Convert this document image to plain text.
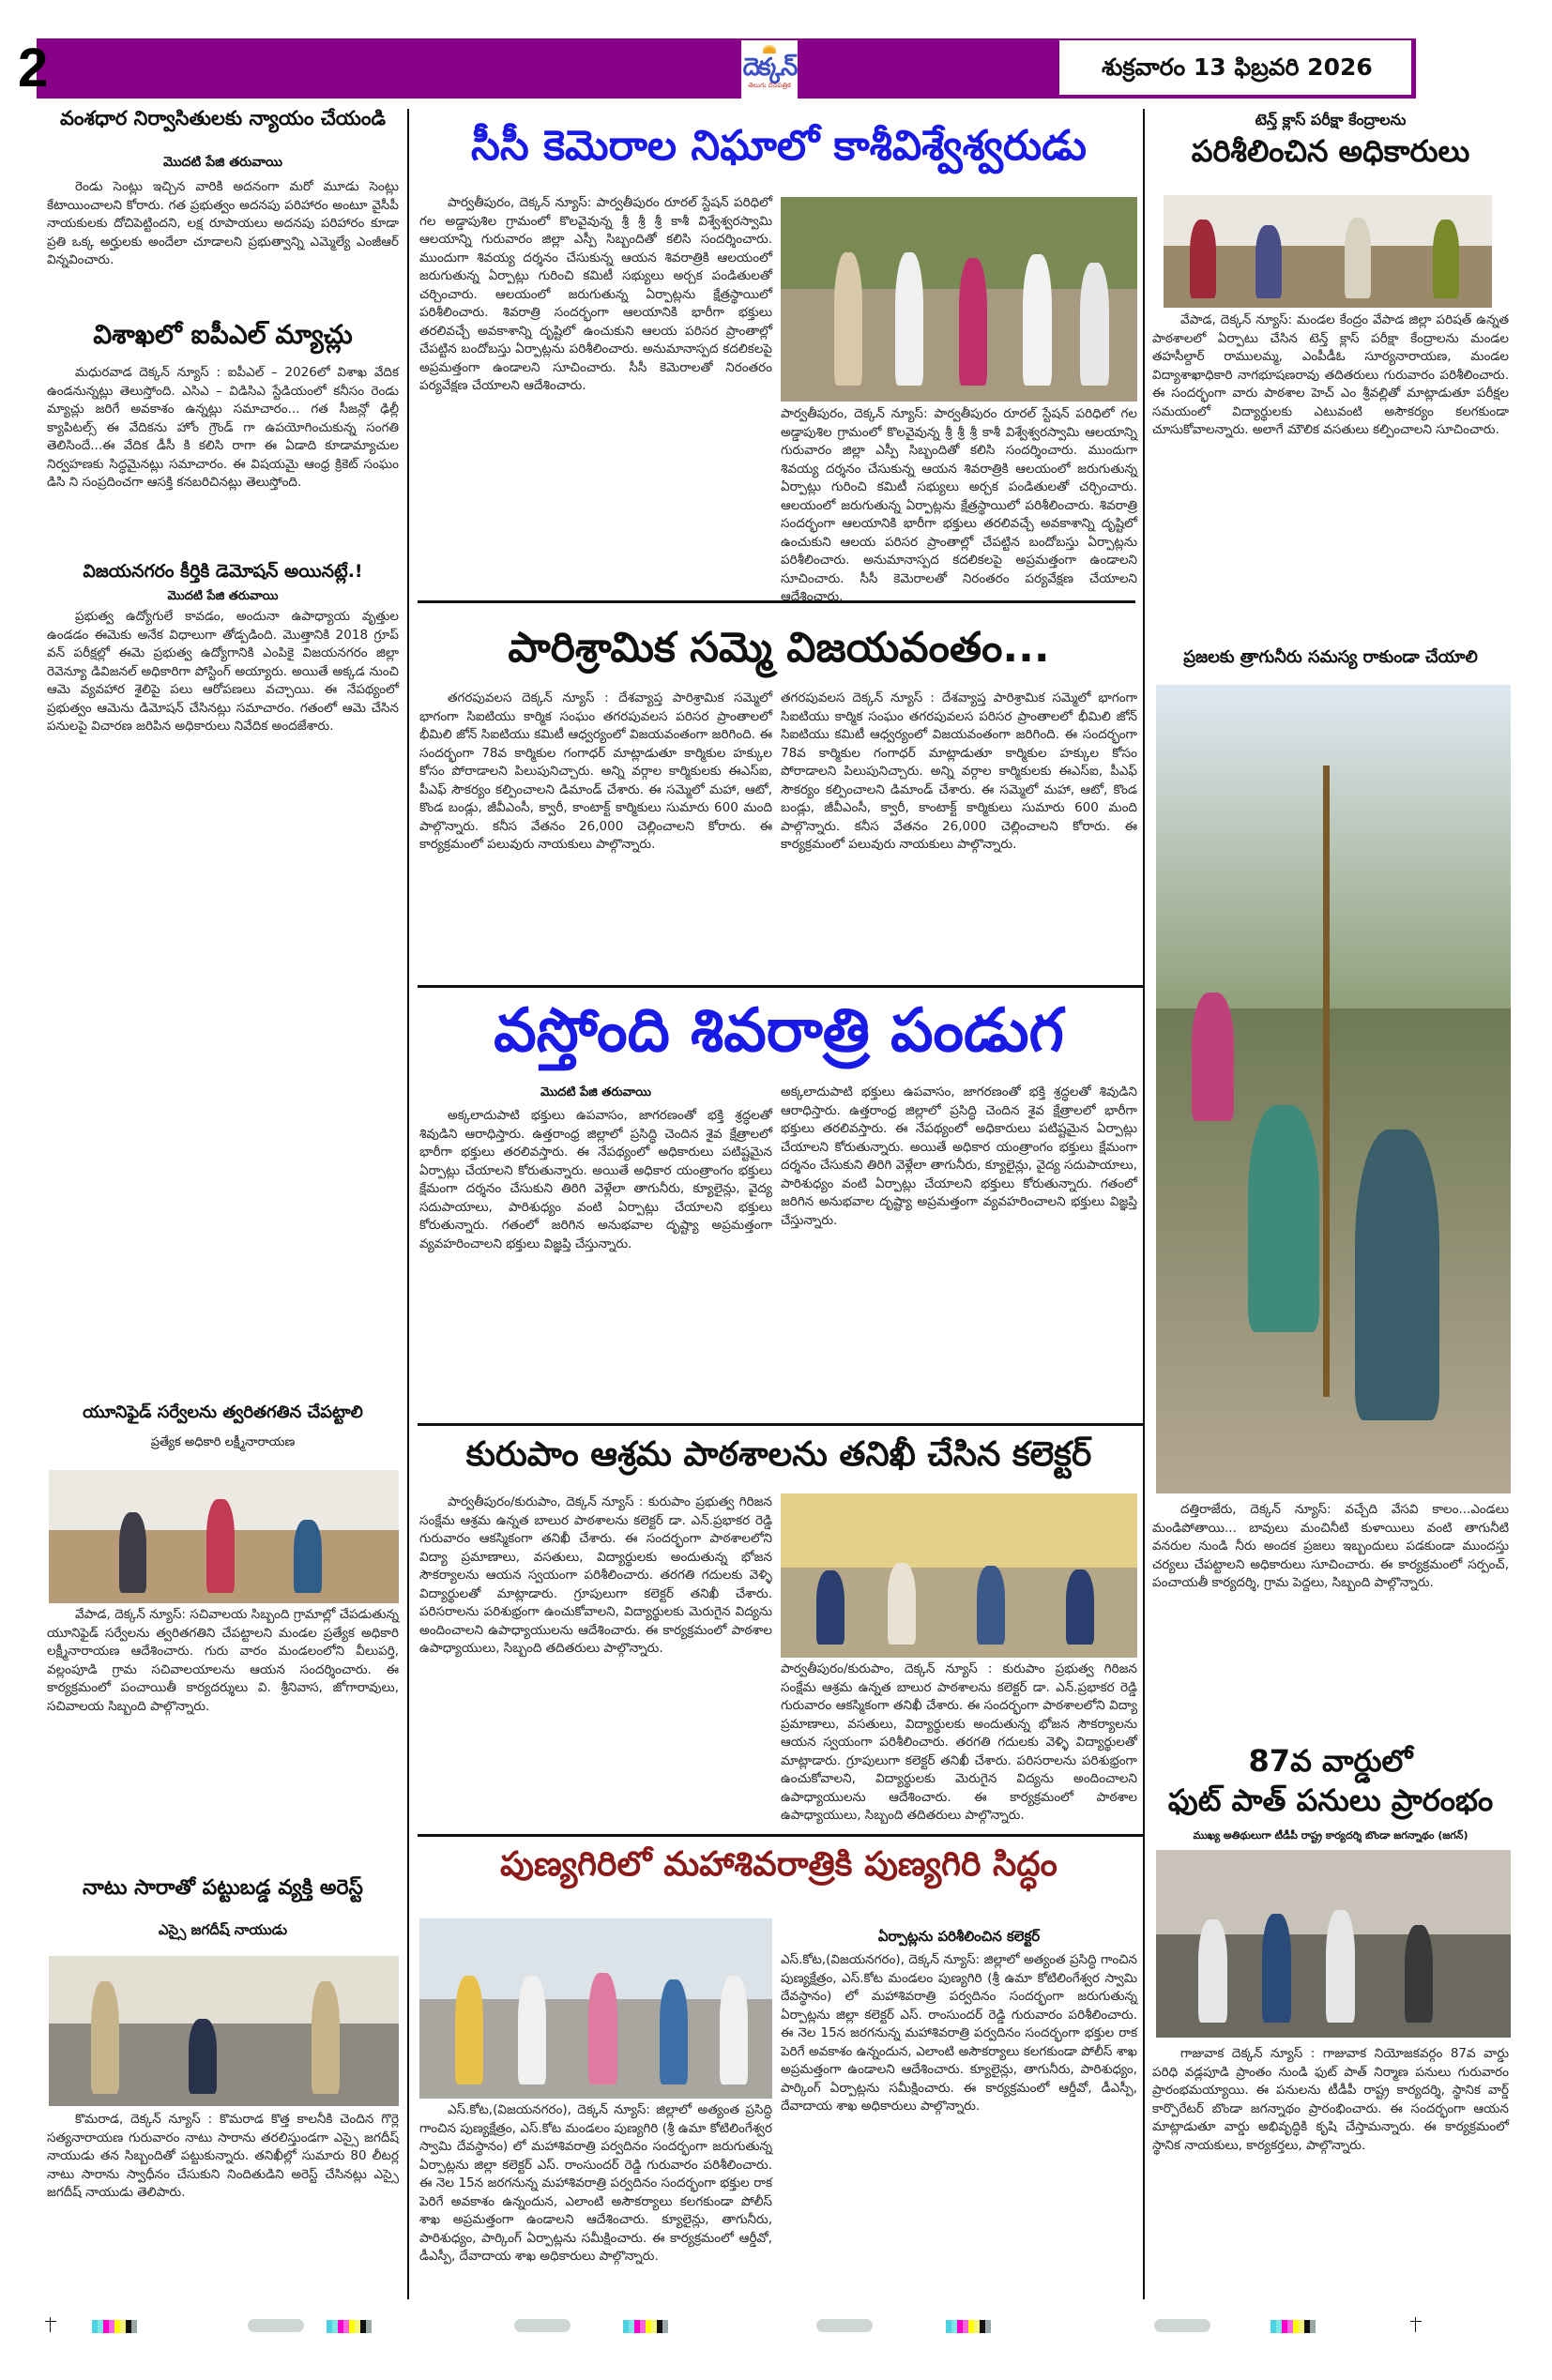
2	దెక్కన్
తెలుగు దినపత్రిక
శుక్రవారం 13 ఫిబ్రవరి 2026
వంశధార నిర్వాసితులకు న్యాయం చేయండి
మొదటి పేజి తరువాయి
రెండు సెంట్లు ఇచ్చిన వారికి అదనంగా మరో మూడు సెంట్లు కేటాయించాలని కోరారు. గత ప్రభుత్వం అదనపు పరిహారం అంటూ వైసీపీ నాయకులకు దోచిపెట్టిందని, లక్ష రూపాయలు అదనపు పరిహారం కూడా ప్రతి ఒక్క అర్హులకు అందేలా చూడాలని ప్రభుత్వాన్ని ఎమ్మెల్యే ఎంజీఆర్ విన్నవించారు.
విశాఖలో ఐపీఎల్ మ్యాచ్లు
మధురవాడ దెక్కన్ న్యూస్ : ఐపీఎల్ – 2026లో విశాఖ వేదిక ఉండనున్నట్లు తెలుస్తోంది. ఎసిఎ – విడిసిఎ స్టేడియంలో కనీసం రెండు మ్యాచ్లు జరిగే అవకాశం ఉన్నట్లు సమాచారం... గత సీజన్లో ఢిల్లీ క్యాపిటల్స్ ఈ వేదికను హోం గ్రౌండ్ గా ఉపయోగించుకున్న సంగతి తెలిసిందే...ఈ వేదిక డీసీ కి కలిసి రాగా ఈ ఏడాది కూడామ్యాచుల నిర్వహణకు సిద్ధమైనట్లు సమాచారం. ఈ విషయమై ఆంధ్ర క్రికెట్ సంఘం డిసి ని సంప్రదించగా ఆసక్తి కనబరిచినట్లు తెలుస్తోంది.
విజయనగరం కీర్తికి డెమోషన్ అయినట్లే.!
మొదటి పేజి తరువాయి
ప్రభుత్వ ఉద్యోగులే కావడం, అందునా ఉపాధ్యాయ వృత్తుల ఉండడం ఈమెకు అనేక విధాలుగా తోడ్పడింది. మొత్తానికి 2018 గ్రూప్ వన్ పరీక్షల్లో ఈమె ప్రభుత్వ ఉద్యోగానికి ఎంపికై విజయనగరం జిల్లా రెవెన్యూ డివిజనల్ అధికారిగా పోస్టింగ్ అయ్యారు. అయితే అక్కడ నుంచి ఆమె వ్యవహార శైలిపై పలు ఆరోపణలు వచ్చాయి. ఈ నేపథ్యంలో ప్రభుత్వం ఆమెను డిమోషన్ చేసినట్లు సమాచారం. గతంలో ఆమె చేసిన పనులపై విచారణ జరిపిన అధికారులు నివేదిక అందజేశారు.
యూనిఫైడ్ సర్వేలను త్వరితగతిన చేపట్టాలి
ప్రత్యేక అధికారి లక్ష్మీనారాయణ
వేపాడ, దెక్కన్ న్యూస్: సచివాలయ సిబ్బంది గ్రామాల్లో చేపడుతున్న యూనిఫైడ్ సర్వేలను త్వరితగతిని చేపట్టాలని మండల ప్రత్యేక అధికారి లక్ష్మీనారాయణ ఆదేశించారు. గురు వారం మండలంలోని వీలుపర్తి, వల్లంపూడి గ్రామ సచివాలయాలను ఆయన సందర్శించారు. ఈ కార్యక్రమంలో పంచాయితీ కార్యదర్శులు వి. శ్రీనివాస, జోగారావులు, సచివాలయ సిబ్బంది పాల్గొన్నారు.
నాటు సారాతో పట్టుబడ్డ వ్యక్తి అరెస్ట్
ఎస్సై జగదీష్ నాయుడు
కొమరాడ, దెక్కన్ న్యూస్ : కొమరాడ కొత్త కాలనీకి చెందిన గొర్లె సత్యనారాయణ గురువారం నాటు సారాను తరలిస్తుండగా ఎస్సై జగదీష్ నాయుడు తన సిబ్బందితో పట్టుకున్నారు. తనిఖీల్లో సుమారు 80 లీటర్ల నాటు సారాను స్వాధీనం చేసుకుని నిందితుడిని అరెస్ట్ చేసినట్లు ఎస్సై జగదీష్ నాయుడు తెలిపారు.
సీసీ కెమెరాల నిఘాలో కాశీవిశ్వేశ్వరుడు
పార్వతీపురం, దెక్కన్ న్యూస్: పార్వతీపురం రూరల్ స్టేషన్ పరిధిలో గల అడ్డాపుశిల గ్రామంలో కొలవైవున్న శ్రీ శ్రీ శ్రీ కాశీ విశ్వేశ్వరస్వామి ఆలయాన్ని గురువారం జిల్లా ఎస్పీ సిబ్బందితో కలిసి సందర్శించారు. ముందుగా శివయ్య దర్శనం చేసుకున్న ఆయన శివరాత్రికి ఆలయంలో జరుగుతున్న ఏర్పాట్లు గురించి కమిటీ సభ్యులు అర్చక పండితులతో చర్చించారు. ఆలయంలో జరుగుతున్న ఏర్పాట్లను క్షేత్రస్థాయిలో పరిశీలించారు. శివరాత్రి సందర్భంగా ఆలయానికి భారీగా భక్తులు తరలివచ్చే అవకాశాన్ని దృష్టిలో ఉంచుకుని ఆలయ పరిసర ప్రాంతాల్లో చేపట్టిన బందోబస్తు ఏర్పాట్లను పరిశీలించారు. అనుమానాస్పద కదలికలపై అప్రమత్తంగా ఉండాలని సూచించారు. సీసీ కెమెరాలతో నిరంతరం పర్యవేక్షణ చేయాలని ఆదేశించారు.
పార్వతీపురం, దెక్కన్ న్యూస్: పార్వతీపురం రూరల్ స్టేషన్ పరిధిలో గల అడ్డాపుశిల గ్రామంలో కొలవైవున్న శ్రీ శ్రీ శ్రీ కాశీ విశ్వేశ్వరస్వామి ఆలయాన్ని గురువారం జిల్లా ఎస్పీ సిబ్బందితో కలిసి సందర్శించారు. ముందుగా శివయ్య దర్శనం చేసుకున్న ఆయన శివరాత్రికి ఆలయంలో జరుగుతున్న ఏర్పాట్లు గురించి కమిటీ సభ్యులు అర్చక పండితులతో చర్చించారు. ఆలయంలో జరుగుతున్న ఏర్పాట్లను క్షేత్రస్థాయిలో పరిశీలించారు. శివరాత్రి సందర్భంగా ఆలయానికి భారీగా భక్తులు తరలివచ్చే అవకాశాన్ని దృష్టిలో ఉంచుకుని ఆలయ పరిసర ప్రాంతాల్లో చేపట్టిన బందోబస్తు ఏర్పాట్లను పరిశీలించారు. అనుమానాస్పద కదలికలపై అప్రమత్తంగా ఉండాలని సూచించారు. సీసీ కెమెరాలతో నిరంతరం పర్యవేక్షణ చేయాలని ఆదేశించారు.
పారిశ్రామిక సమ్మె విజయవంతం...
తగరపువలస దెక్కన్ న్యూస్ : దేశవ్యాప్త పారిశ్రామిక సమ్మెలో భాగంగా సిఐటియు కార్మిక సంఘం తగరపువలస పరిసర ప్రాంతాలలో భీమిలి జోన్ సిఐటియు కమిటీ ఆధ్వర్యంలో విజయవంతంగా జరిగింది. ఈ సందర్భంగా 78వ కార్మికుల గంగాధర్ మాట్లాడుతూ కార్మికుల హక్కుల కోసం పోరాడాలని పిలుపునిచ్చారు. అన్ని వర్గాల కార్మికులకు ఈఎస్ఐ, పీఎఫ్ సౌకర్యం కల్పించాలని డిమాండ్ చేశారు. ఈ సమ్మెలో మహా, ఆటో, కొండ బండ్లు, జీవీఎంసీ, క్వారీ, కాంటాక్ట్ కార్మికులు సుమారు 600 మంది పాల్గొన్నారు. కనీస వేతనం 26,000 చెల్లించాలని కోరారు. ఈ కార్యక్రమంలో పలువురు నాయకులు పాల్గొన్నారు.
తగరపువలస దెక్కన్ న్యూస్ : దేశవ్యాప్త పారిశ్రామిక సమ్మెలో భాగంగా సిఐటియు కార్మిక సంఘం తగరపువలస పరిసర ప్రాంతాలలో భీమిలి జోన్ సిఐటియు కమిటీ ఆధ్వర్యంలో విజయవంతంగా జరిగింది. ఈ సందర్భంగా 78వ కార్మికుల గంగాధర్ మాట్లాడుతూ కార్మికుల హక్కుల కోసం పోరాడాలని పిలుపునిచ్చారు. అన్ని వర్గాల కార్మికులకు ఈఎస్ఐ, పీఎఫ్ సౌకర్యం కల్పించాలని డిమాండ్ చేశారు. ఈ సమ్మెలో మహా, ఆటో, కొండ బండ్లు, జీవీఎంసీ, క్వారీ, కాంటాక్ట్ కార్మికులు సుమారు 600 మంది పాల్గొన్నారు. కనీస వేతనం 26,000 చెల్లించాలని కోరారు. ఈ కార్యక్రమంలో పలువురు నాయకులు పాల్గొన్నారు.
వస్తోంది శివరాత్రి పండుగ
మొదటి పేజి తరువాయి
అక్కలాదుపాటి భక్తులు ఉపవాసం, జాగరణంతో భక్తి శ్రద్ధలతో శివుడిని ఆరాధిస్తారు. ఉత్తరాంధ్ర జిల్లాలో ప్రసిద్ధి చెందిన శైవ క్షేత్రాలలో భారీగా భక్తులు తరలివస్తారు. ఈ నేపథ్యంలో అధికారులు పటిష్టమైన ఏర్పాట్లు చేయాలని కోరుతున్నారు. అయితే అధికార యంత్రాంగం భక్తులు క్షేమంగా దర్శనం చేసుకుని తిరిగి వెళ్లేలా తాగునీరు, క్యూలైన్లు, వైద్య సదుపాయాలు, పారిశుధ్యం వంటి ఏర్పాట్లు చేయాలని భక్తులు కోరుతున్నారు. గతంలో జరిగిన అనుభవాల దృష్ట్యా అప్రమత్తంగా వ్యవహరించాలని భక్తులు విజ్ఞప్తి చేస్తున్నారు.
అక్కలాదుపాటి భక్తులు ఉపవాసం, జాగరణంతో భక్తి శ్రద్ధలతో శివుడిని ఆరాధిస్తారు. ఉత్తరాంధ్ర జిల్లాలో ప్రసిద్ధి చెందిన శైవ క్షేత్రాలలో భారీగా భక్తులు తరలివస్తారు. ఈ నేపథ్యంలో అధికారులు పటిష్టమైన ఏర్పాట్లు చేయాలని కోరుతున్నారు. అయితే అధికార యంత్రాంగం భక్తులు క్షేమంగా దర్శనం చేసుకుని తిరిగి వెళ్లేలా తాగునీరు, క్యూలైన్లు, వైద్య సదుపాయాలు, పారిశుధ్యం వంటి ఏర్పాట్లు చేయాలని భక్తులు కోరుతున్నారు. గతంలో జరిగిన అనుభవాల దృష్ట్యా అప్రమత్తంగా వ్యవహరించాలని భక్తులు విజ్ఞప్తి చేస్తున్నారు.
కురుపాం ఆశ్రమ పాఠశాలను తనిఖీ చేసిన కలెక్టర్
పార్వతీపురం/కురుపాం, దెక్కన్ న్యూస్ : కురుపాం ప్రభుత్వ గిరిజన సంక్షేమ ఆశ్రమ ఉన్నత బాలుర పాఠశాలను కలెక్టర్ డా. ఎన్.ప్రభాకర రెడ్డి గురువారం ఆకస్మికంగా తనిఖీ చేశారు. ఈ సందర్భంగా పాఠశాలలోని విద్యా ప్రమాణాలు, వసతులు, విద్యార్థులకు అందుతున్న భోజన సౌకర్యాలను ఆయన స్వయంగా పరిశీలించారు. తరగతి గదులకు వెళ్ళి విద్యార్థులతో మాట్లాడారు. గ్రూపులుగా కలెక్టర్ తనిఖీ చేశారు. పరిసరాలను పరిశుభ్రంగా ఉంచుకోవాలని, విద్యార్థులకు మెరుగైన విద్యను అందించాలని ఉపాధ్యాయులను ఆదేశించారు. ఈ కార్యక్రమంలో పాఠశాల ఉపాధ్యాయులు, సిబ్బంది తదితరులు పాల్గొన్నారు.
పార్వతీపురం/కురుపాం, దెక్కన్ న్యూస్ : కురుపాం ప్రభుత్వ గిరిజన సంక్షేమ ఆశ్రమ ఉన్నత బాలుర పాఠశాలను కలెక్టర్ డా. ఎన్.ప్రభాకర రెడ్డి గురువారం ఆకస్మికంగా తనిఖీ చేశారు. ఈ సందర్భంగా పాఠశాలలోని విద్యా ప్రమాణాలు, వసతులు, విద్యార్థులకు అందుతున్న భోజన సౌకర్యాలను ఆయన స్వయంగా పరిశీలించారు. తరగతి గదులకు వెళ్ళి విద్యార్థులతో మాట్లాడారు. గ్రూపులుగా కలెక్టర్ తనిఖీ చేశారు. పరిసరాలను పరిశుభ్రంగా ఉంచుకోవాలని, విద్యార్థులకు మెరుగైన విద్యను అందించాలని ఉపాధ్యాయులను ఆదేశించారు. ఈ కార్యక్రమంలో పాఠశాల ఉపాధ్యాయులు, సిబ్బంది తదితరులు పాల్గొన్నారు.
పుణ్యగిరిలో మహాశివరాత్రికి పుణ్యగిరి సిద్ధం
ఎస్.కోట,(విజయనగరం), దెక్కన్ న్యూస్: జిల్లాలో అత్యంత ప్రసిద్ధి గాంచిన పుణ్యక్షేత్రం, ఎస్.కోట మండలం పుణ్యగిరి (శ్రీ ఉమా కోటిలింగేశ్వర స్వామి దేవస్థానం) లో మహాశివరాత్రి పర్వదినం సందర్భంగా జరుగుతున్న ఏర్పాట్లను జిల్లా కలెక్టర్ ఎస్. రాంసుందర్ రెడ్డి గురువారం పరిశీలించారు. ఈ నెల 15న జరగనున్న మహాశివరాత్రి పర్వదినం సందర్భంగా భక్తుల రాక పెరిగే అవకాశం ఉన్నందున, ఎలాంటి అసౌకర్యాలు కలగకుండా పోలీస్ శాఖ అప్రమత్తంగా ఉండాలని ఆదేశించారు. క్యూలైన్లు, తాగునీరు, పారిశుధ్యం, పార్కింగ్ ఏర్పాట్లను సమీక్షించారు. ఈ కార్యక్రమంలో ఆర్డీవో, డీఎస్పీ, దేవాదాయ శాఖ అధికారులు పాల్గొన్నారు.
ఏర్పాట్లను పరిశీలించిన కలెక్టర్
ఎస్.కోట,(విజయనగరం), దెక్కన్ న్యూస్: జిల్లాలో అత్యంత ప్రసిద్ధి గాంచిన పుణ్యక్షేత్రం, ఎస్.కోట మండలం పుణ్యగిరి (శ్రీ ఉమా కోటిలింగేశ్వర స్వామి దేవస్థానం) లో మహాశివరాత్రి పర్వదినం సందర్భంగా జరుగుతున్న ఏర్పాట్లను జిల్లా కలెక్టర్ ఎస్. రాంసుందర్ రెడ్డి గురువారం పరిశీలించారు. ఈ నెల 15న జరగనున్న మహాశివరాత్రి పర్వదినం సందర్భంగా భక్తుల రాక పెరిగే అవకాశం ఉన్నందున, ఎలాంటి అసౌకర్యాలు కలగకుండా పోలీస్ శాఖ అప్రమత్తంగా ఉండాలని ఆదేశించారు. క్యూలైన్లు, తాగునీరు, పారిశుధ్యం, పార్కింగ్ ఏర్పాట్లను సమీక్షించారు. ఈ కార్యక్రమంలో ఆర్డీవో, డీఎస్పీ, దేవాదాయ శాఖ అధికారులు పాల్గొన్నారు.
టెన్త్ క్లాస్ పరీక్షా కేంద్రాలను
పరిశీలించిన అధికారులు
వేపాడ, దెక్కన్ న్యూస్: మండల కేంద్రం వేపాడ జిల్లా పరిషత్ ఉన్నత పాఠశాలలో ఏర్పాటు చేసిన టెన్త్ క్లాస్ పరీక్షా కేంద్రాలను మండల తహసీల్దార్ రాములమ్మ, ఎంపీడీఓ సూర్యనారాయణ, మండల విద్యాశాఖాధికారి నాగభూషణరావు తదితరులు గురువారం పరిశీలించారు. ఈ సందర్భంగా వారు పాఠశాల హెచ్ ఎం శ్రీవల్లితో మాట్లాడుతూ పరీక్షల సమయంలో విద్యార్థులకు ఎటువంటి అసౌకర్యం కలగకుండా చూసుకోవాలన్నారు. అలాగే మౌలిక వసతులు కల్పించాలని సూచించారు.
ప్రజలకు త్రాగునీరు సమస్య రాకుండా చేయాలి
దత్తిరాజేరు, దెక్కన్ న్యూస్: వచ్చేది వేసవి కాలం...ఎండలు మండిపోతాయి... బావులు మంచినీటి కుళాయిలు వంటి తాగునీటి వనరుల నుండి నీరు అందక ప్రజలు ఇబ్బందులు పడకుండా ముందస్తు చర్యలు చేపట్టాలని అధికారులు సూచించారు. ఈ కార్యక్రమంలో సర్పంచ్, పంచాయతీ కార్యదర్శి, గ్రామ పెద్దలు, సిబ్బంది పాల్గొన్నారు.
87వ వార్డులో
ఫుట్ పాత్ పనులు ప్రారంభం
ముఖ్య అతిథులుగా టీడీపీ రాష్ట్ర కార్యదర్శి బొండా జగన్నాథం (జగన్)
గాజువాక దెక్కన్ న్యూస్ : గాజువాక నియోజకవర్గం 87వ వార్డు పరిధి వడ్లపూడి ప్రాంతం నుండి ఫుట్ పాత్ నిర్మాణ పనులు గురువారం ప్రారంభమయ్యాయి. ఈ పనులను టీడీపీ రాష్ట్ర కార్యదర్శి, స్థానిక వార్డ్ కార్పొరేటర్ బొండా జగన్నాథం ప్రారంభించారు. ఈ సందర్భంగా ఆయన మాట్లాడుతూ వార్డు అభివృద్ధికి కృషి చేస్తామన్నారు. ఈ కార్యక్రమంలో స్థానిక నాయకులు, కార్యకర్తలు, పాల్గొన్నారు.
